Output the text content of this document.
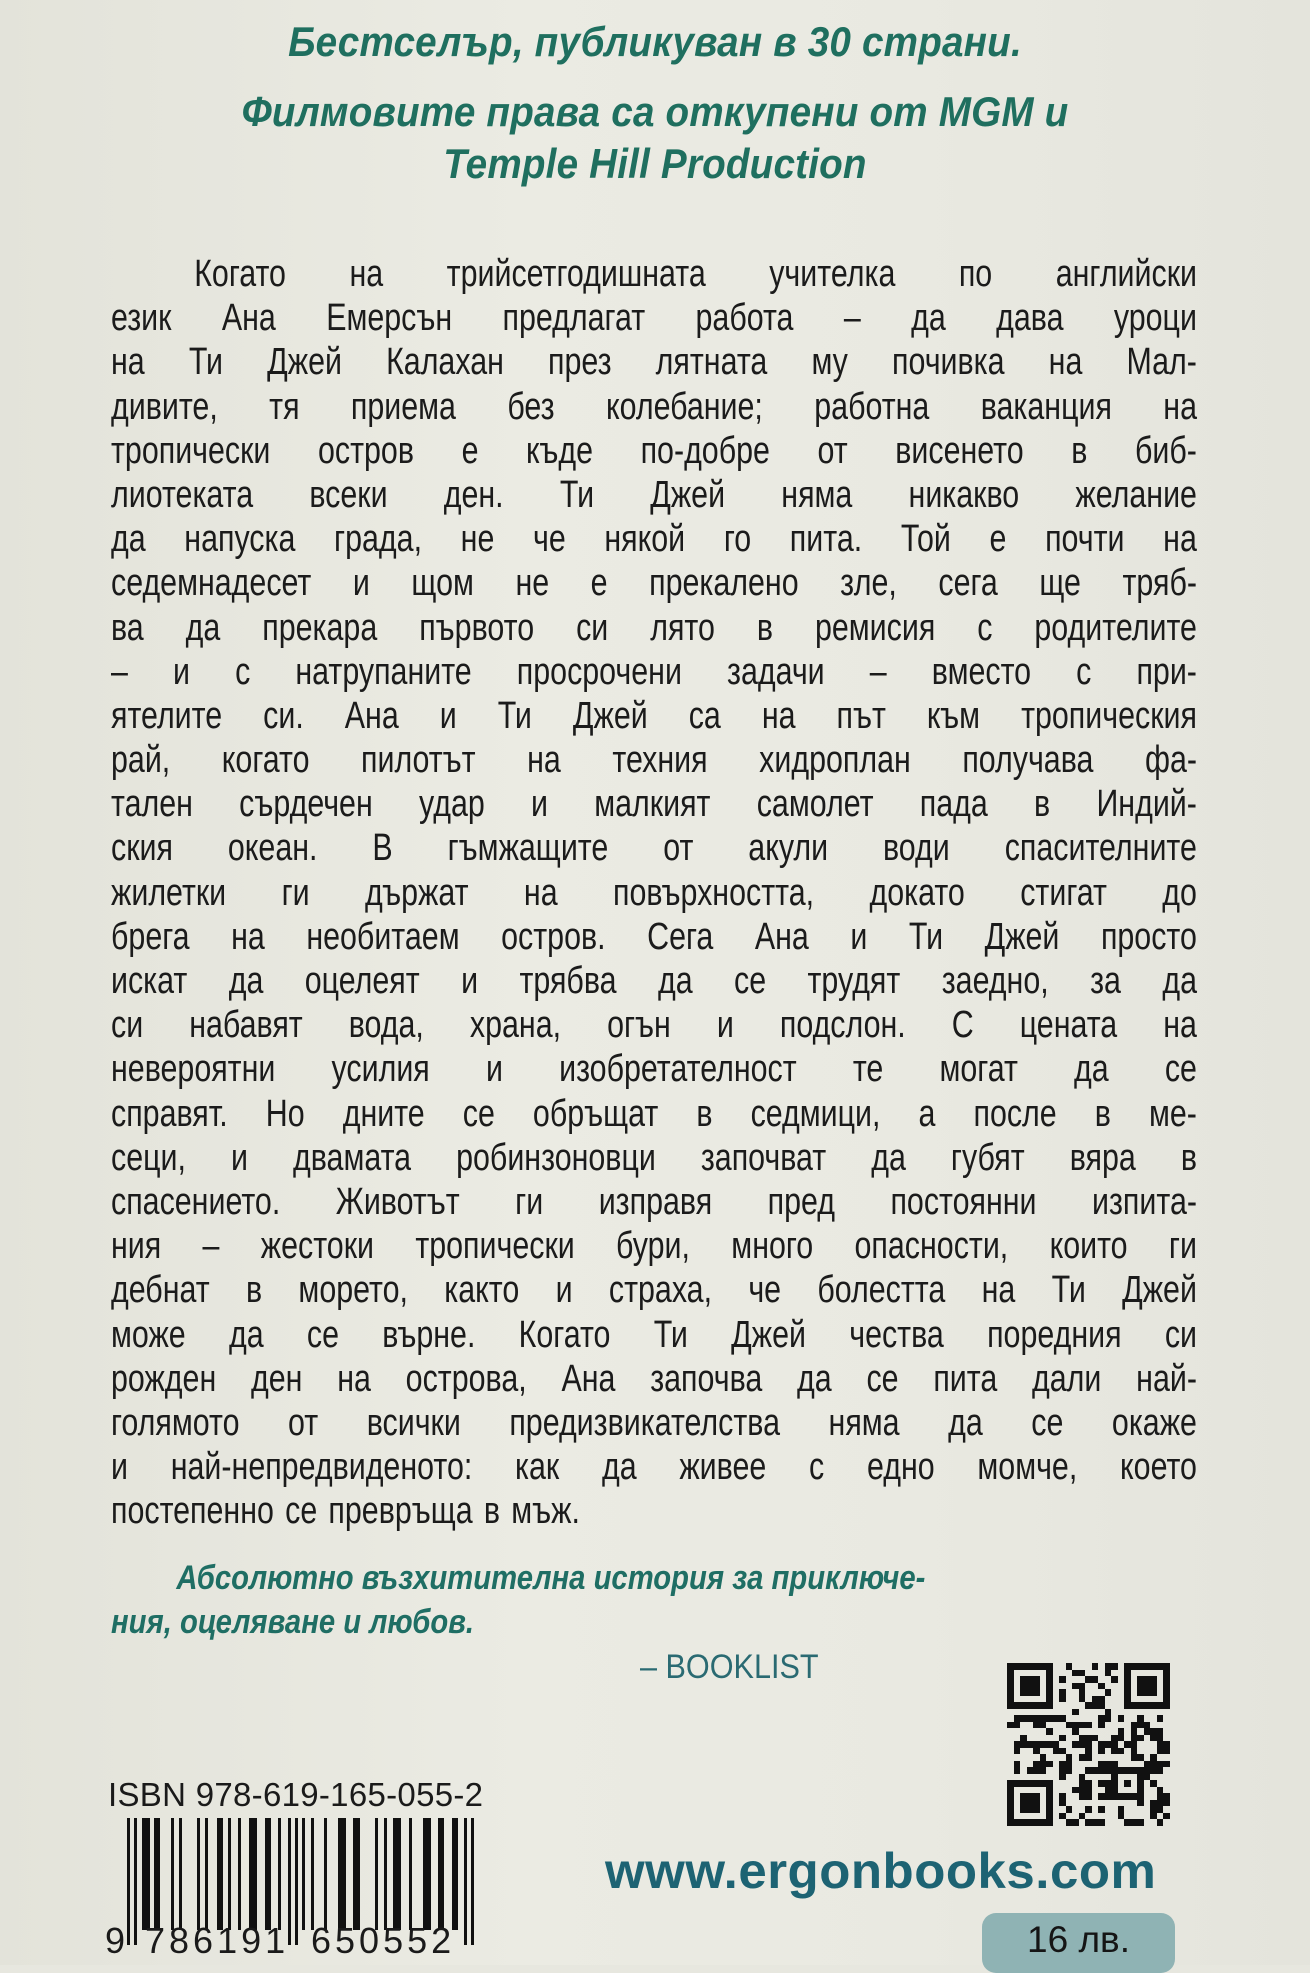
Бестселър, публикуван в 30 страни.
Филмовите права са откупени от MGM и
Temple Hill Production
Когато на трийсетгодишната учителка по английски
език Ана Емерсън предлагат работа – да дава уроци
на Ти Джей Калахан през лятната му почивка на Мал-
дивите, тя приема без колебание; работна ваканция на
тропически остров е къде по-добре от висенето в биб-
лиотеката всеки ден. Ти Джей няма никакво желание
да напуска града, не че някой го пита. Той е почти на
седемнадесет и щом не е прекалено зле, сега ще тряб-
ва да прекара първото си лято в ремисия с родителите
– и с натрупаните просрочени задачи – вместо с при-
ятелите си. Ана и Ти Джей са на път към тропическия
рай, когато пилотът на техния хидроплан получава фа-
тален сърдечен удар и малкият самолет пада в Индий-
ския океан. В гъмжащите от акули води спасителните
жилетки ги държат на повърхността, докато стигат до
брега на необитаем остров. Сега Ана и Ти Джей просто
искат да оцелеят и трябва да се трудят заедно, за да
си набавят вода, храна, огън и подслон. С цената на
невероятни усилия и изобретателност те могат да се
справят. Но дните се обръщат в седмици, а после в ме-
сеци, и двамата робинзоновци започват да губят вяра в
спасението. Животът ги изправя пред постоянни изпита-
ния – жестоки тропически бури, много опасности, които ги
дебнат в морето, както и страха, че болестта на Ти Джей
може да се върне. Когато Ти Джей чества поредния си
рожден ден на острова, Ана започва да се пита дали най-
голямото от всички предизвикателства няма да се окаже
и най-непредвиденото: как да живее с едно момче, което
постепенно се превръща в мъж.
Абсолютно възхитителна история за приключе-
ния, оцеляване и любов.
– BOOKLIST
ISBN 978-619-165-055-2
9 786191 650552
www.ergonbooks.com
16 лв.
